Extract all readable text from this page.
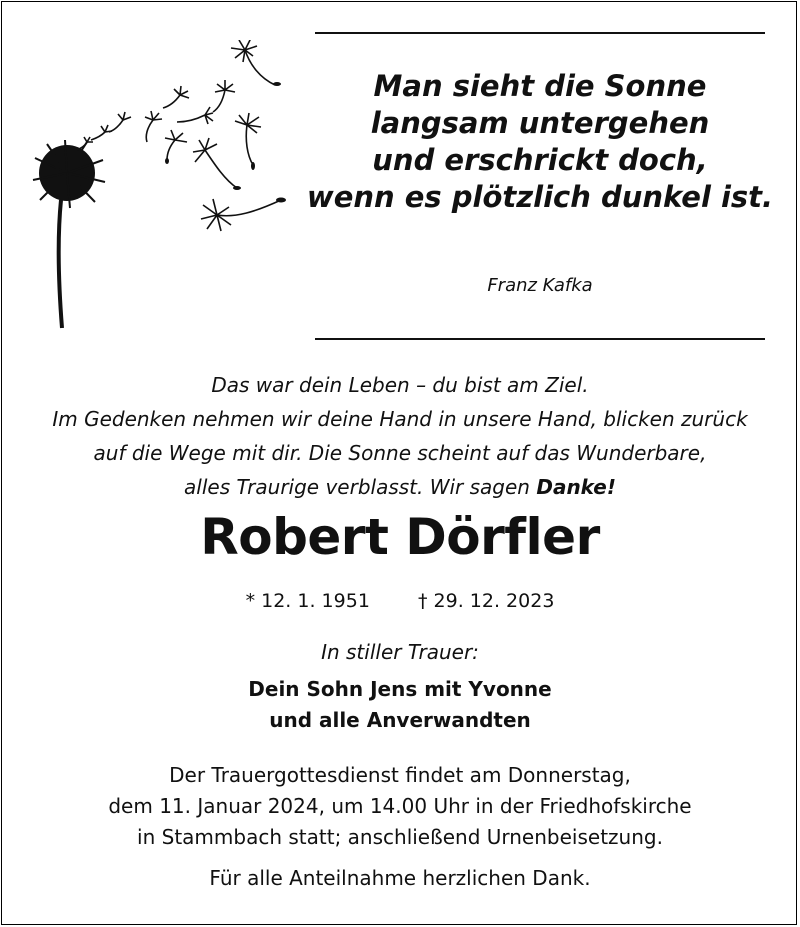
Man sieht die Sonne
langsam untergehen
und erschrickt doch,
wenn es plötzlich dunkel ist.
Franz Kafka
Das war dein Leben – du bist am Ziel.
Im Gedenken nehmen wir deine Hand in unsere Hand, blicken zurück
auf die Wege mit dir. Die Sonne scheint auf das Wunderbare,
alles Traurige verblasst. Wir sagen Danke!
Robert Dörfler
* 12. 1. 1951	† 29. 12. 2023
In stiller Trauer:
Dein Sohn Jens mit Yvonne
und alle Anverwandten
Der Trauergottesdienst findet am Donnerstag,
dem 11. Januar 2024, um 14.00 Uhr in der Friedhofskirche
in Stammbach statt; anschließend Urnenbeisetzung.
Für alle Anteilnahme herzlichen Dank.
